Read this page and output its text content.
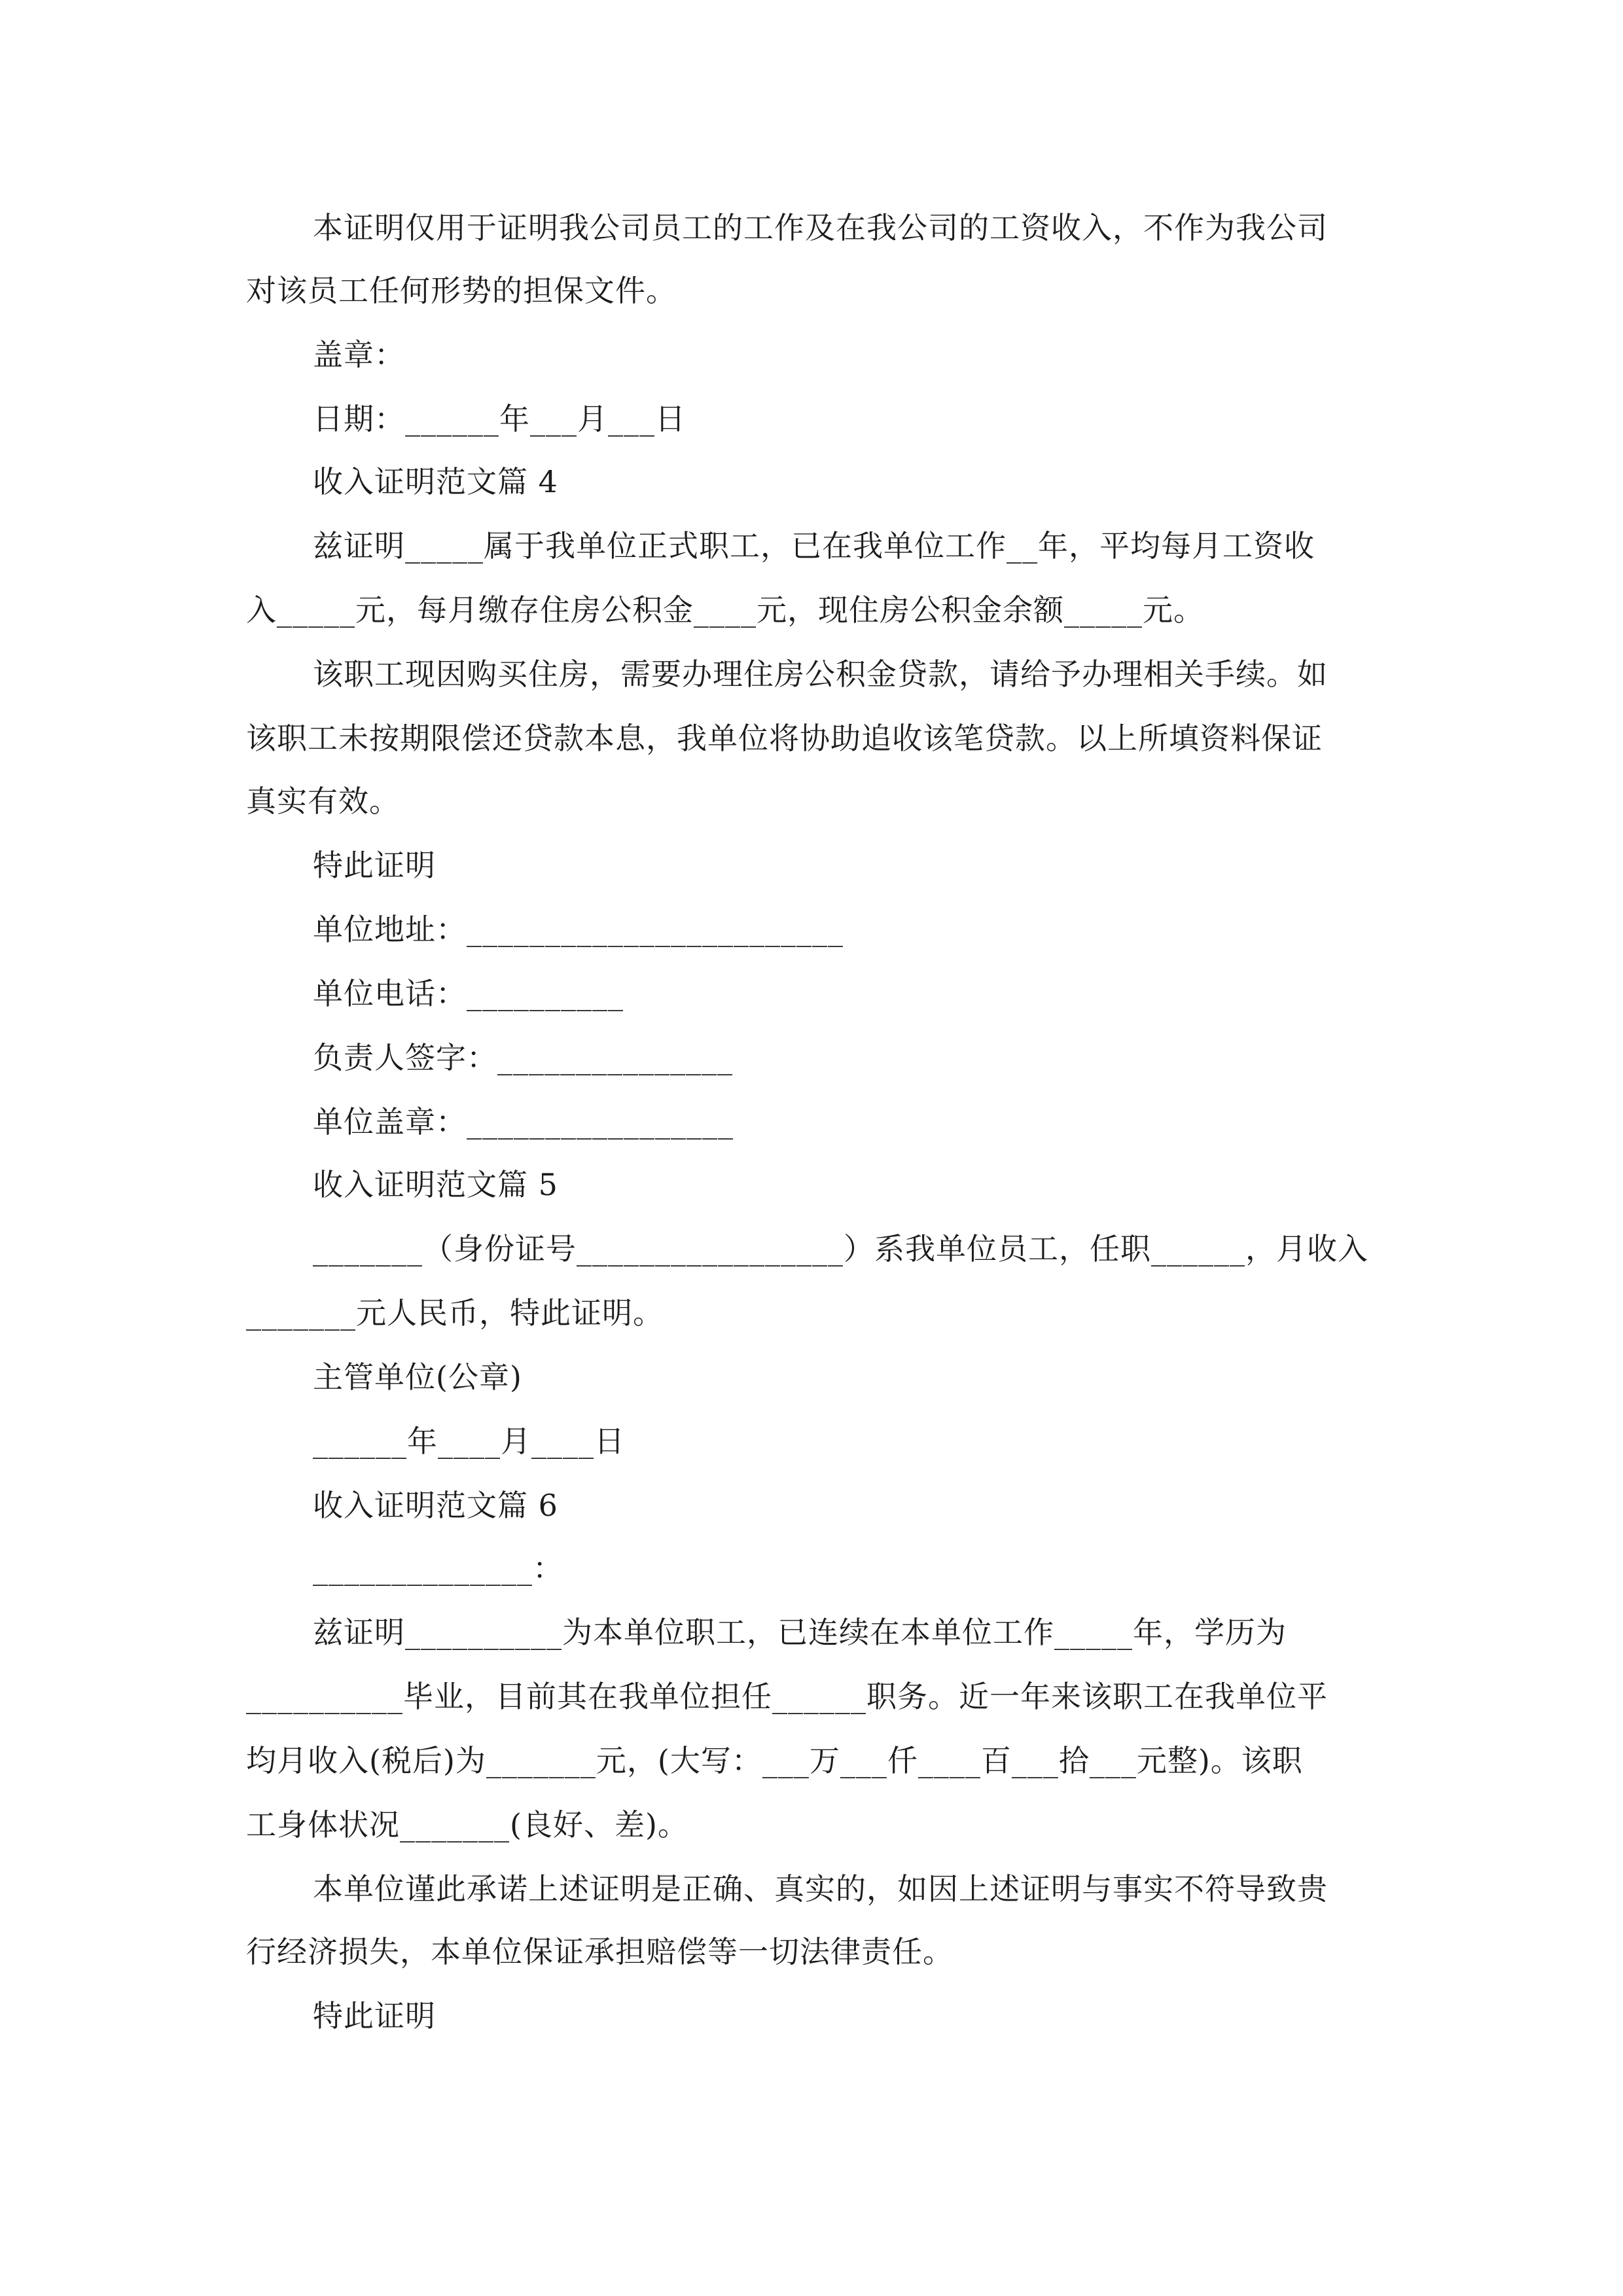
本证明仅用于证明我公司员工的工作及在我公司的工资收入，不作为我公司
对该员工任何形势的担保文件。
盖章：
日期：______年___月___日
收入证明范文篇 4
兹证明_____属于我单位正式职工，已在我单位工作__年，平均每月工资收
入_____元，每月缴存住房公积金____元，现住房公积金余额_____元。
该职工现因购买住房，需要办理住房公积金贷款，请给予办理相关手续。如
该职工未按期限偿还贷款本息，我单位将协助追收该笔贷款。以上所填资料保证
真实有效。
特此证明
单位地址：________________________
单位电话：__________
负责人签字：_______________
单位盖章：_________________
收入证明范文篇 5
_______（身份证号_________________）系我单位员工，任职______，月收入
_______元人民币，特此证明。
主管单位(公章)
______年____月____日
收入证明范文篇 6
______________：
兹证明__________为本单位职工，已连续在本单位工作_____年，学历为
__________毕业，目前其在我单位担任______职务。近一年来该职工在我单位平
均月收入(税后)为_______元，(大写：___万___仟____百___拾___元整)。该职
工身体状况_______(良好、差)。
本单位谨此承诺上述证明是正确、真实的，如因上述证明与事实不符导致贵
行经济损失，本单位保证承担赔偿等一切法律责任。
特此证明
